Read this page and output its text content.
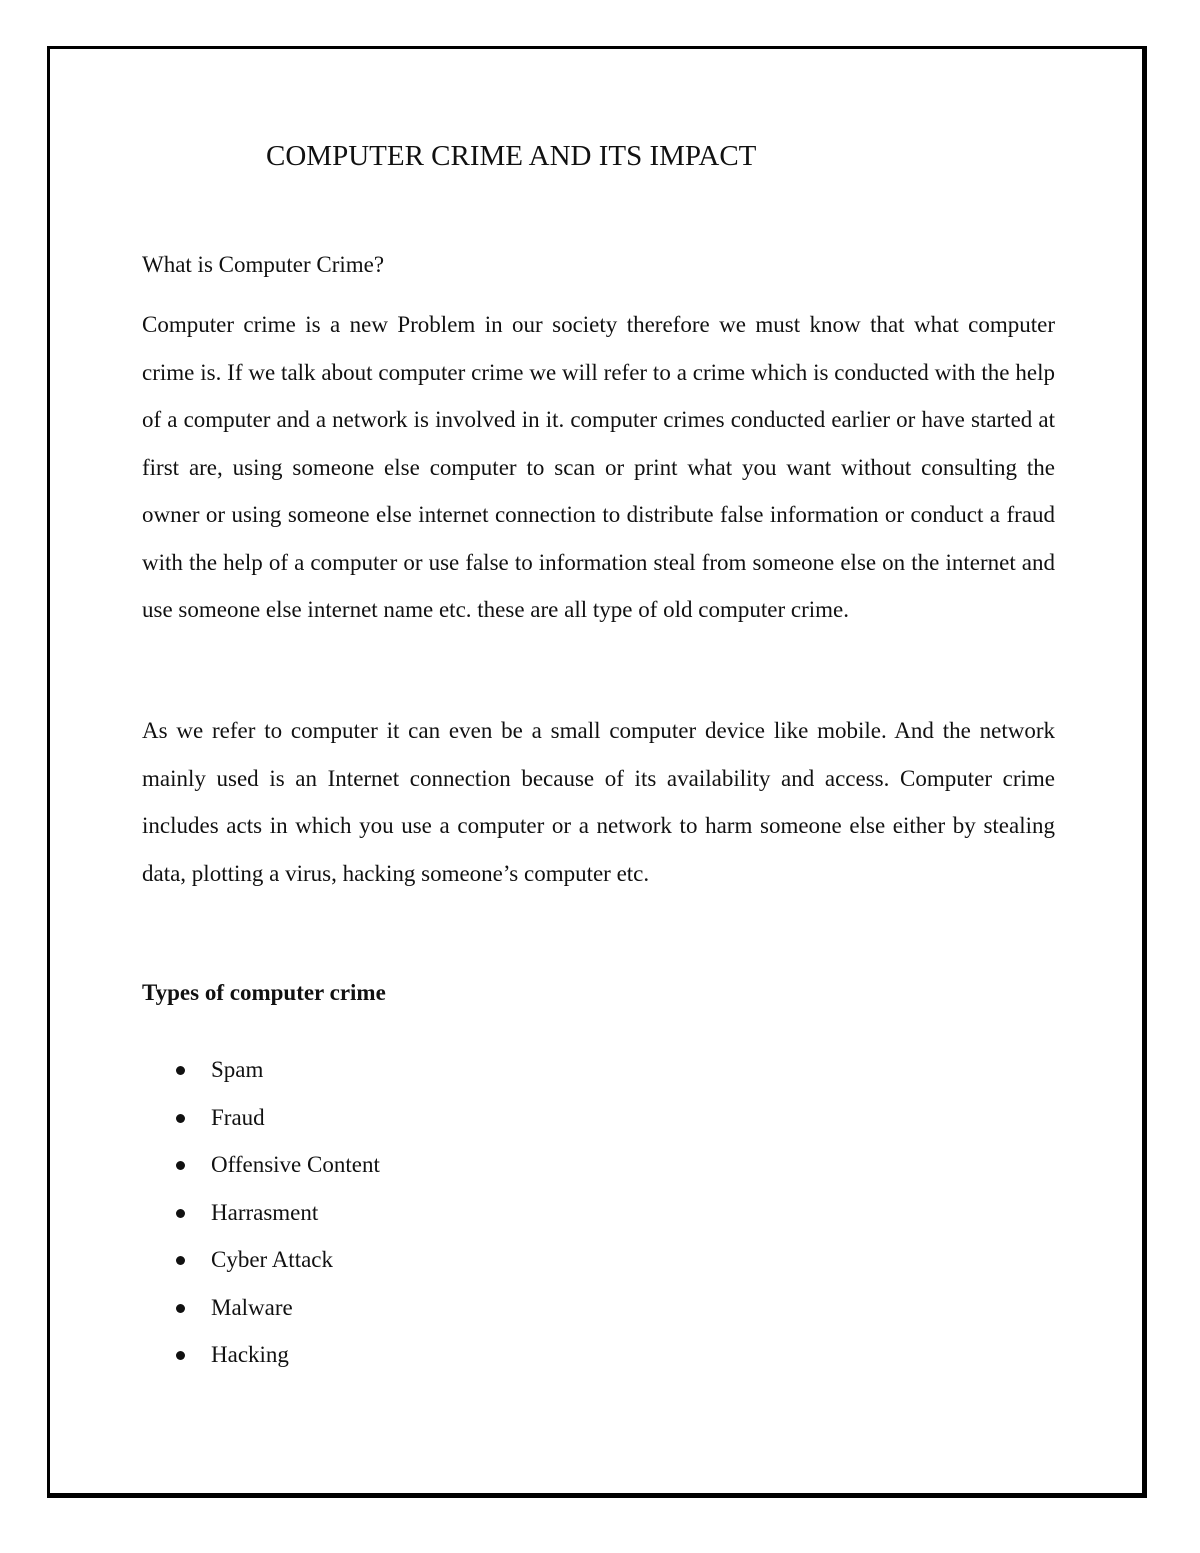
COMPUTER CRIME AND ITS IMPACT

What is Computer Crime?

Computer crime is a new Problem in our society therefore we must know that what computer crime is. If we talk about computer crime we will refer to a crime which is conducted with the help of a computer and a network is involved in it. computer crimes conducted earlier or have started at first are, using someone else computer to scan or print what you want without consulting the owner or using someone else internet connection to distribute false information or conduct a fraud with the help of a computer or use false to information steal from someone else on the internet and use someone else internet name etc. these are all type of old computer crime.

As we refer to computer it can even be a small computer device like mobile. And the network mainly used is an Internet connection because of its availability and access. Computer crime includes acts in which you use a computer or a network to harm someone else either by stealing data, plotting a virus, hacking someone’s computer etc.

Types of computer crime

Spam
Fraud
Offensive Content
Harrasment
Cyber Attack
Malware
Hacking
